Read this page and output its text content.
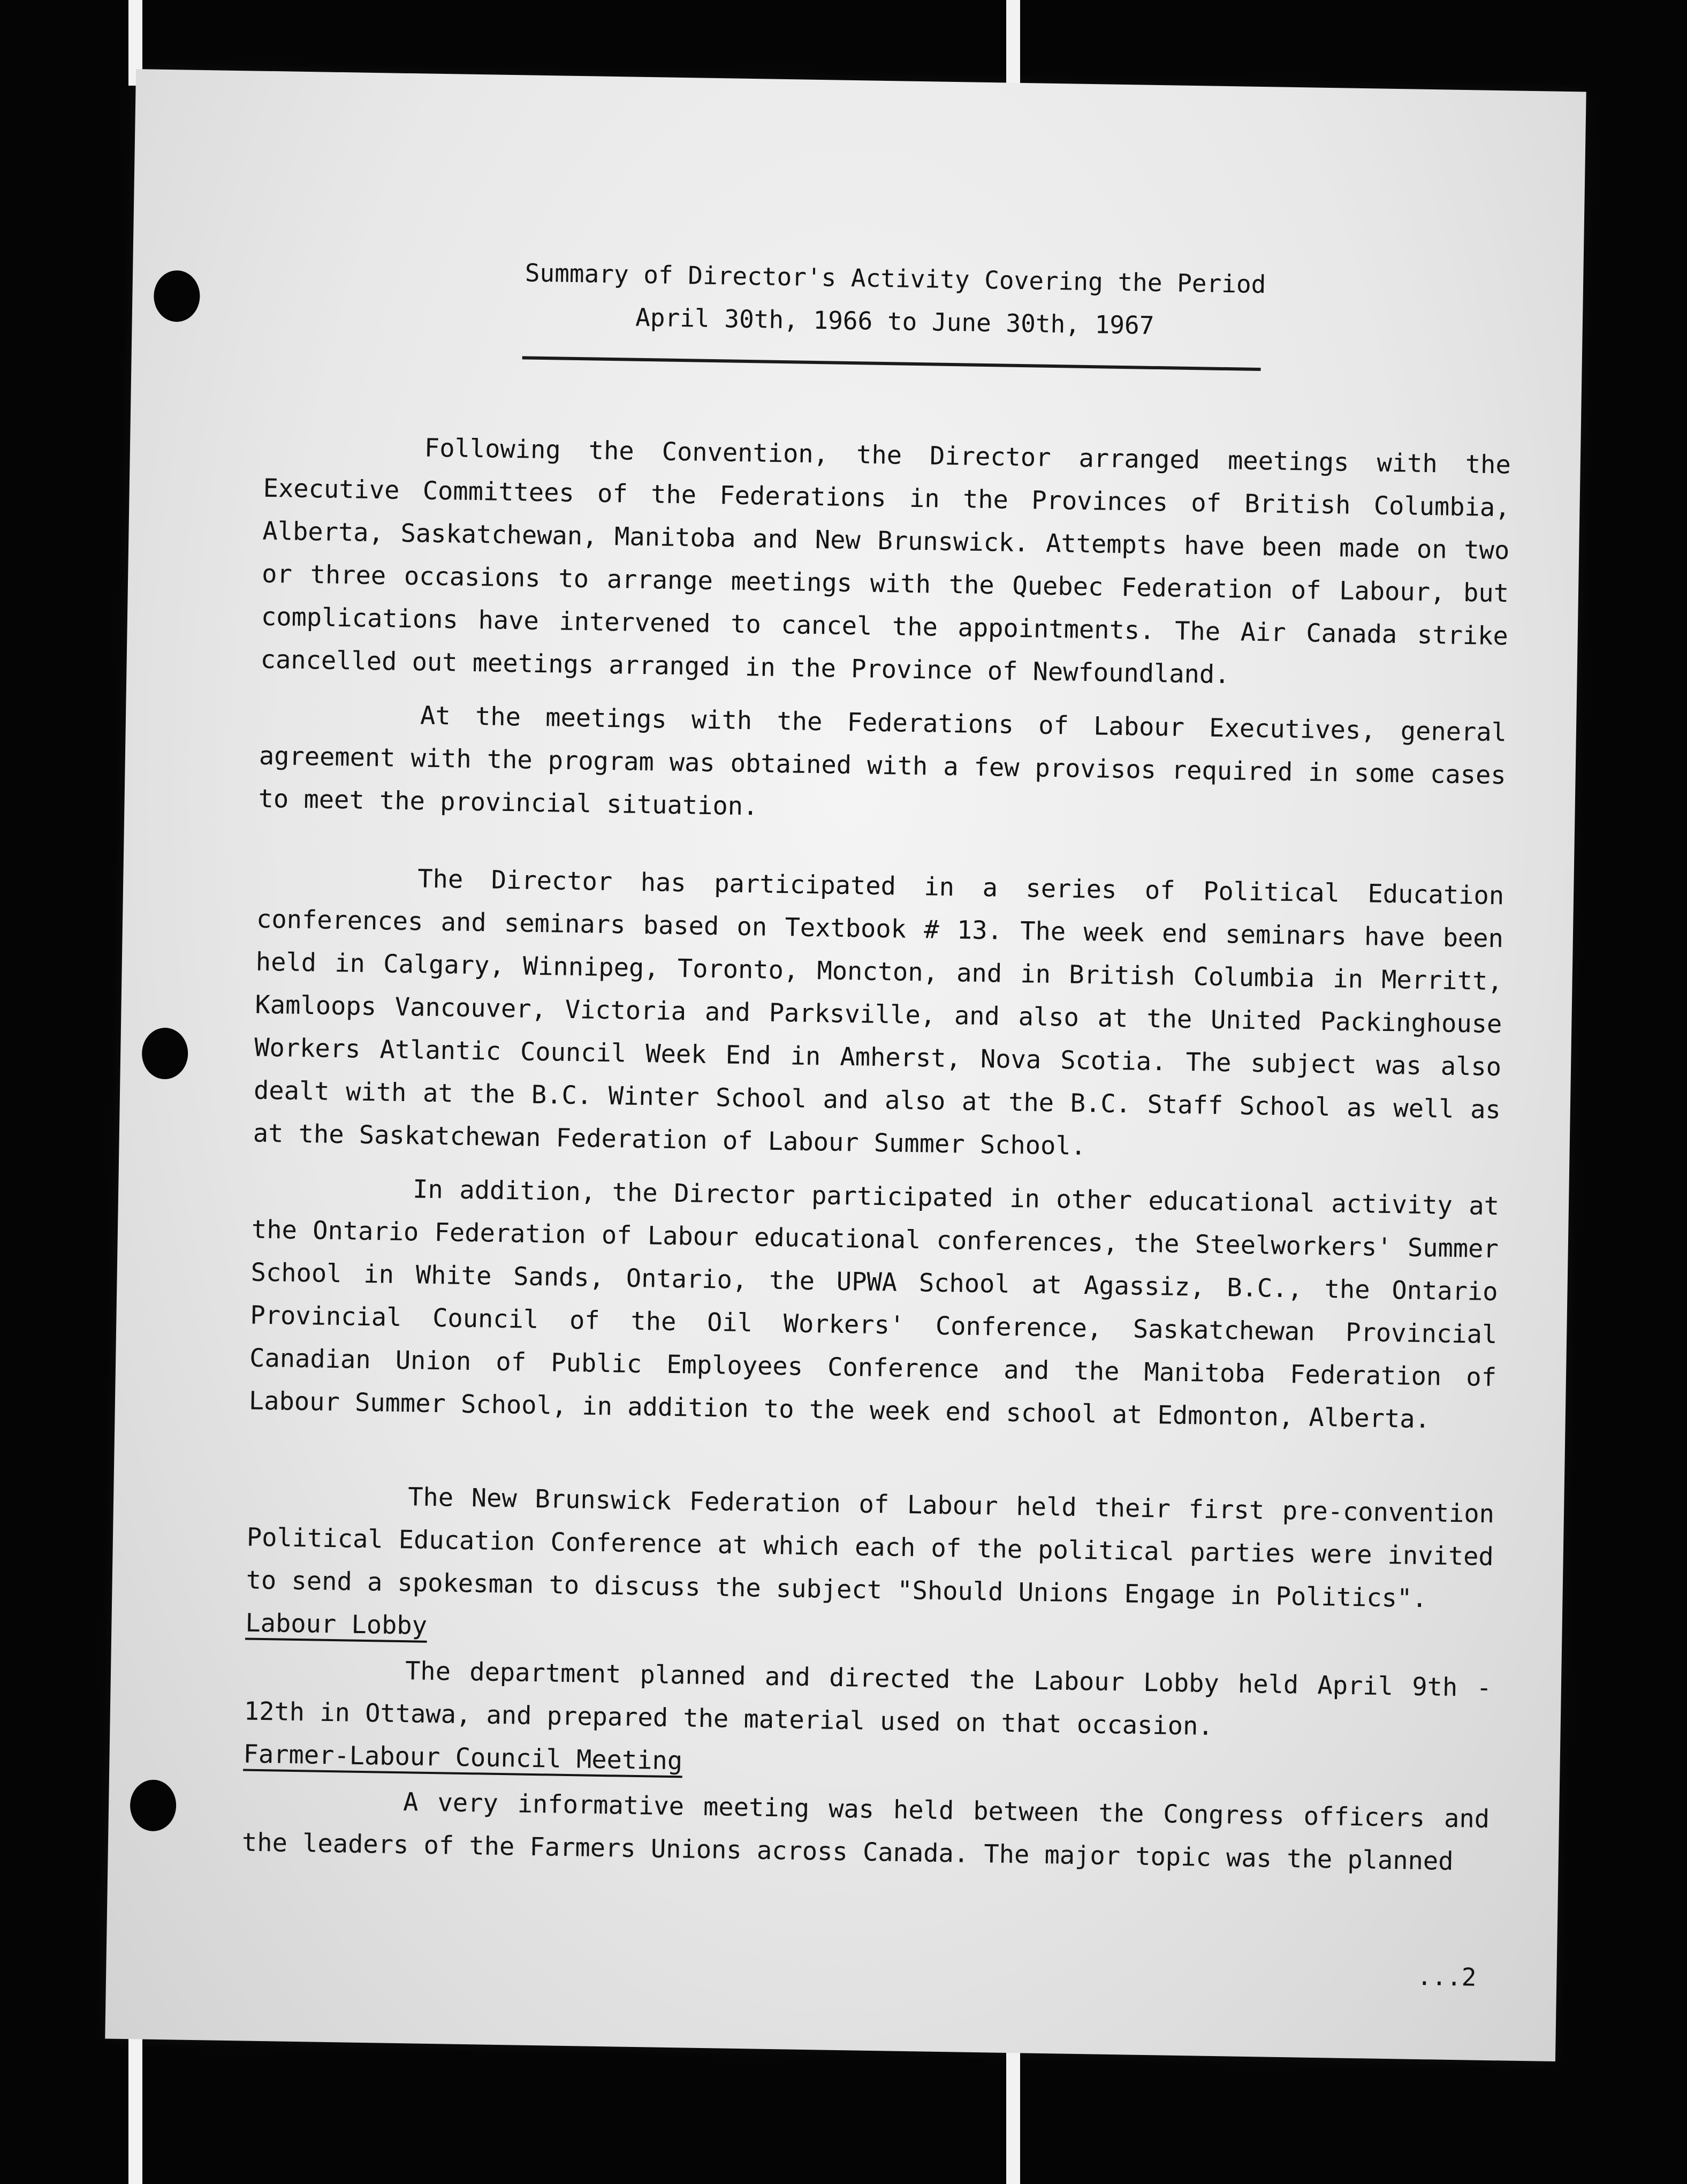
Summary of Director's Activity Covering the Period
April 30th, 1966 to June 30th, 1967

Following the Convention, the Director arranged meetings with the Executive Committees of the Federations in the Provinces of British Columbia, Alberta, Saskatchewan, Manitoba and New Brunswick. Attempts have been made on two or three occasions to arrange meetings with the Quebec Federation of Labour, but complications have intervened to cancel the appointments. The Air Canada strike cancelled out meetings arranged in the Province of Newfoundland.

At the meetings with the Federations of Labour Executives, general agreement with the program was obtained with a few provisos required in some cases to meet the provincial situation.

The Director has participated in a series of Political Education conferences and seminars based on Textbook # 13. The week end seminars have been held in Calgary, Winnipeg, Toronto, Moncton, and in British Columbia in Merritt, Kamloops Vancouver, Victoria and Parksville, and also at the United Packinghouse Workers Atlantic Council Week End in Amherst, Nova Scotia. The subject was also dealt with at the B.C. Winter School and also at the B.C. Staff School as well as at the Saskatchewan Federation of Labour Summer School.

In addition, the Director participated in other educational activity at the Ontario Federation of Labour educational conferences, the Steelworkers' Summer School in White Sands, Ontario, the UPWA School at Agassiz, B.C., the Ontario Provincial Council of the Oil Workers' Conference, Saskatchewan Provincial Canadian Union of Public Employees Conference and the Manitoba Federation of Labour Summer School, in addition to the week end school at Edmonton, Alberta.

The New Brunswick Federation of Labour held their first pre-convention Political Education Conference at which each of the political parties were invited to send a spokesman to discuss the subject "Should Unions Engage in Politics".

Labour Lobby

The department planned and directed the Labour Lobby held April 9th - 12th in Ottawa, and prepared the material used on that occasion.

Farmer-Labour Council Meeting

A very informative meeting was held between the Congress officers and the leaders of the Farmers Unions across Canada. The major topic was the planned

...2
